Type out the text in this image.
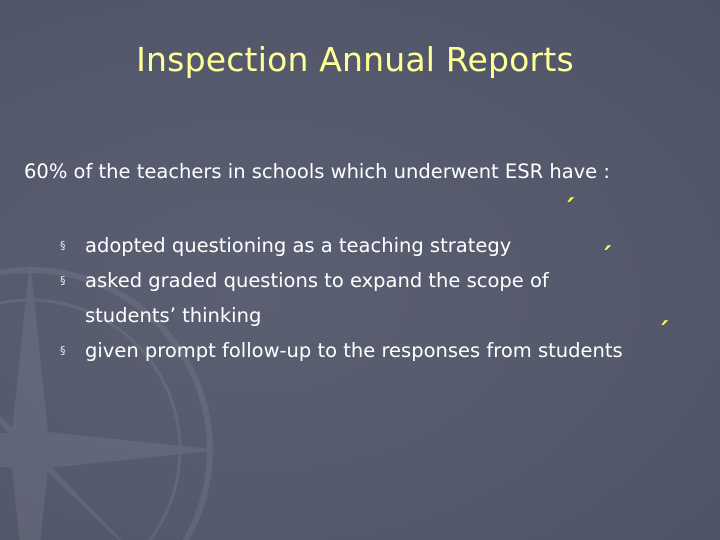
Inspection Annual Reports
60% of the teachers in schools which underwent ESR have :
§	adopted questioning as a teaching strategy
§	asked graded questions to expand the scope of
students’ thinking
§	given prompt follow-up to the responses from students
´
´
´
